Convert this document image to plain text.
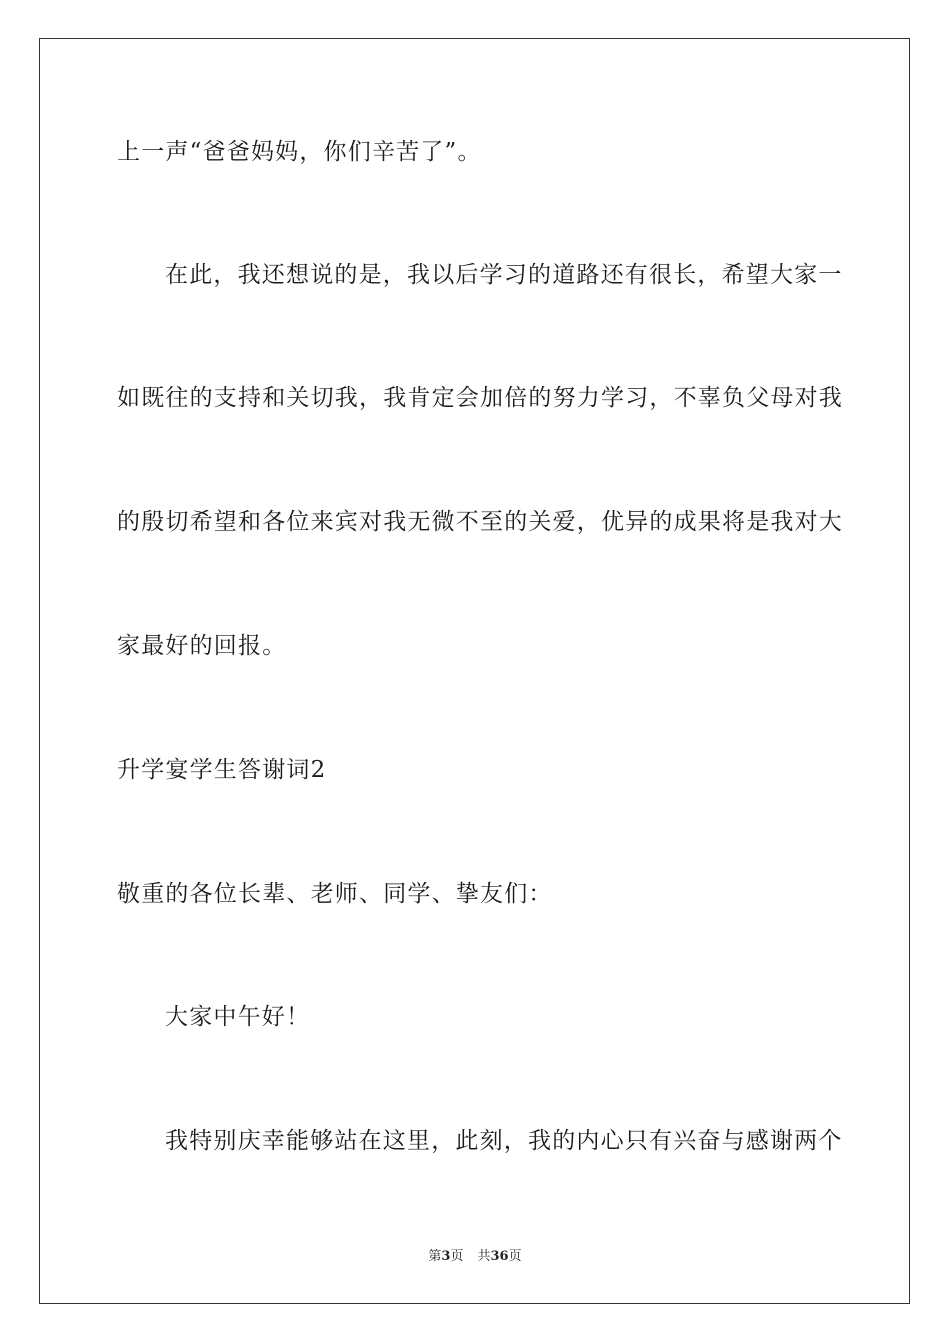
上一声“爸爸妈妈，你们辛苦了”。
在此，我还想说的是，我以后学习的道路还有很长，希望大家一
如既往的支持和关切我，我肯定会加倍的努力学习，不辜负父母对我
的殷切希望和各位来宾对我无微不至的关爱，优异的成果将是我对大
家最好的回报。
升学宴学生答谢词2
敬重的各位长辈、老师、同学、挚友们：
大家中午好！
我特别庆幸能够站在这里，此刻，我的内心只有兴奋与感谢两个
第3页 共36页
